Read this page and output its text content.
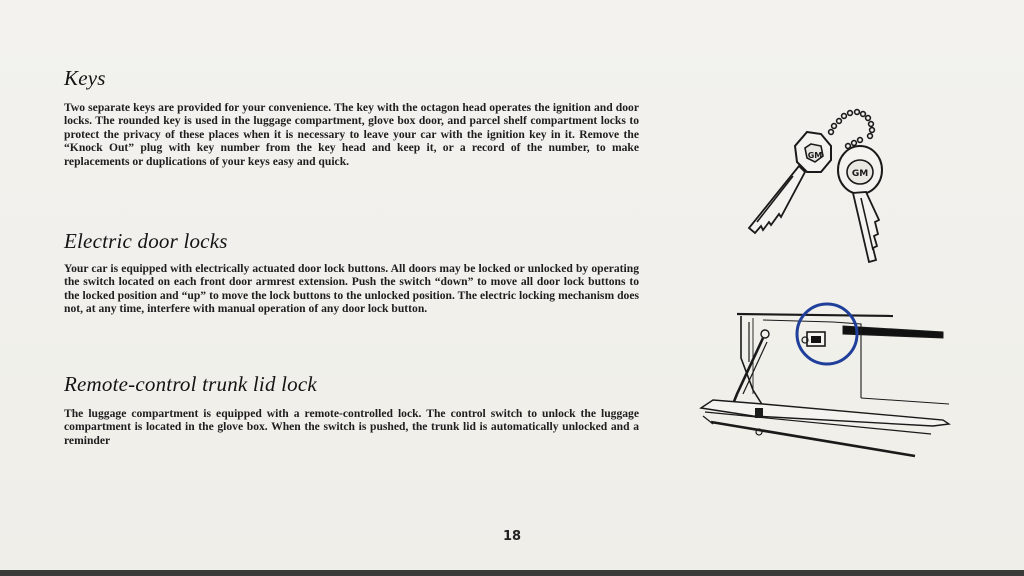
Keys

Two separate keys are provided for your convenience. The key with the octagon head operates the ignition and door locks. The rounded key is used in the luggage compartment, glove box door, and parcel shelf compartment locks to protect the privacy of these places when it is necessary to leave your car with the ignition key in it. Remove the “Knock Out” plug with key number from the key head and keep it, or a record of the number, to make replacements or duplications of your keys easy and quick.

Electric door locks

Your car is equipped with electrically actuated door lock buttons. All doors may be locked or unlocked by operating the switch located on each front door armrest extension. Push the switch “down” to move all door lock buttons to the locked position and “up” to move the lock buttons to the unlocked position. The electric locking mechanism does not, at any time, interfere with manual operation of any door lock button.

Remote-control trunk lid lock

The luggage compartment is equipped with a remote-controlled lock. The control switch to unlock the luggage compartment is located in the glove box. When the switch is pushed, the trunk lid is automatically unlocked and a reminder

GM
GM
18
